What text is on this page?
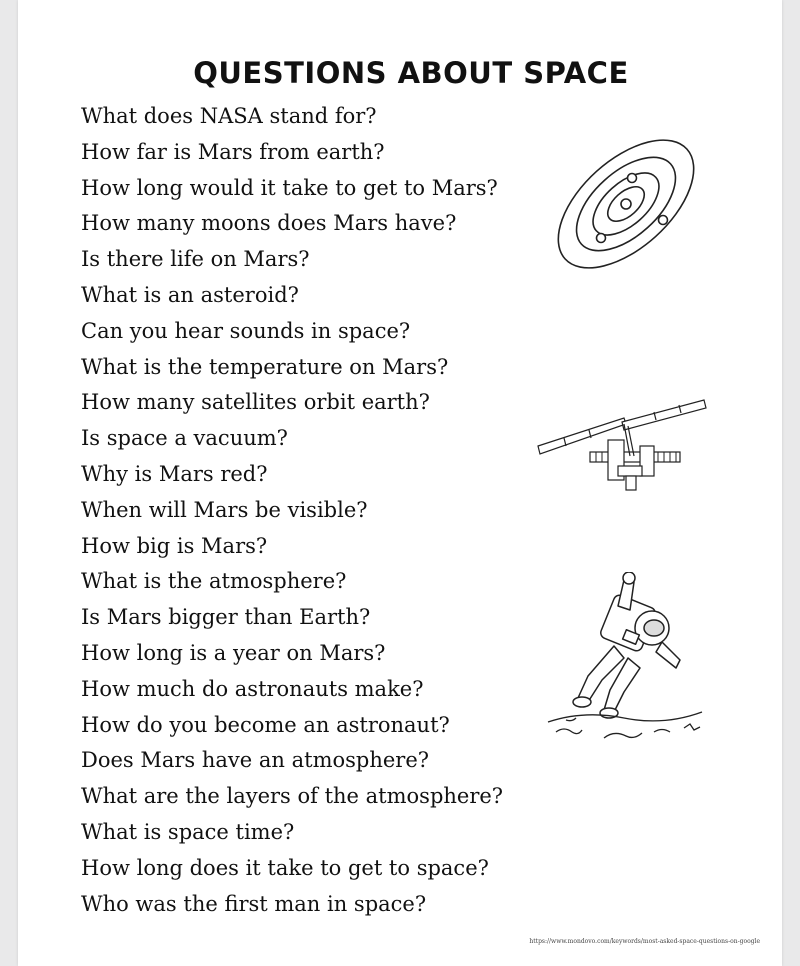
QUESTIONS ABOUT SPACE
What does NASA stand for?
How far is Mars from earth?
How long would it take to get to Mars?
How many moons does Mars have?
Is there life on Mars?
What is an asteroid?
Can you hear sounds in space?
What is the temperature on Mars?
How many satellites orbit earth?
Is space a vacuum?
Why is Mars red?
When will Mars be visible?
How big is Mars?
What is the atmosphere?
Is Mars bigger than Earth?
How long is a year on Mars?
How much do astronauts make?
How do you become an astronaut?
Does Mars have an atmosphere?
What are the layers of the atmosphere?
What is space time?
How long does it take to get to space?
Who was the first man in space?
https://www.mondovo.com/keywords/most-asked-space-questions-on-google
